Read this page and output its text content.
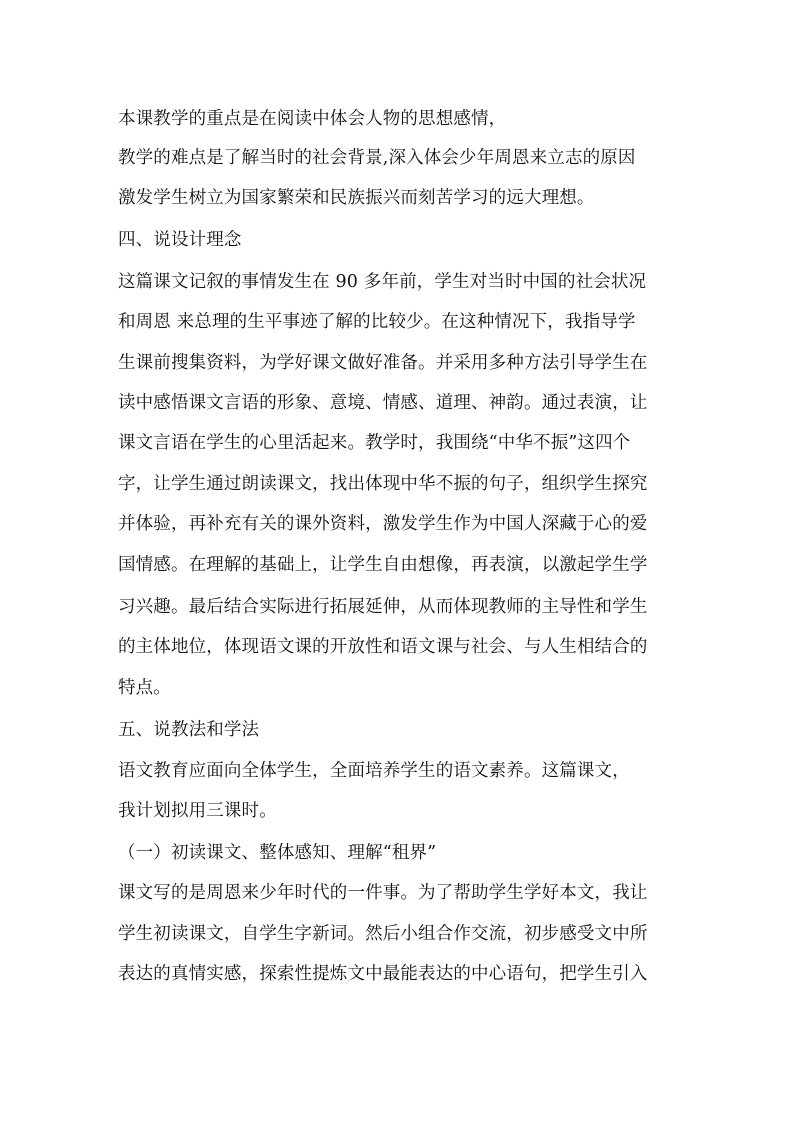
本课教学的重点是在阅读中体会人物的思想感情，
教学的难点是了解当时的社会背景,深入体会少年周恩来立志的原因
激发学生树立为国家繁荣和民族振兴而刻苦学习的远大理想。
四、说设计理念
这篇课文记叙的事情发生在 90 多年前，学生对当时中国的社会状况
和周恩 来总理的生平事迹了解的比较少。在这种情况下，我指导学
生课前搜集资料，为学好课文做好准备。并采用多种方法引导学生在
读中感悟课文言语的形象、意境、情感、道理、神韵。通过表演，让
课文言语在学生的心里活起来。教学时，我围绕“中华不振”这四个
字，让学生通过朗读课文，找出体现中华不振的句子，组织学生探究
并体验，再补充有关的课外资料，激发学生作为中国人深藏于心的爱
国情感。在理解的基础上，让学生自由想像，再表演，以激起学生学
习兴趣。最后结合实际进行拓展延伸，从而体现教师的主导性和学生
的主体地位，体现语文课的开放性和语文课与社会、与人生相结合的
特点。
五、说教法和学法
语文教育应面向全体学生，全面培养学生的语文素养。这篇课文，
我计划拟用三课时。
（一）初读课文、整体感知、理解“租界”
课文写的是周恩来少年时代的一件事。为了帮助学生学好本文，我让
学生初读课文，自学生字新词。然后小组合作交流，初步感受文中所
表达的真情实感，探索性提炼文中最能表达的中心语句，把学生引入
